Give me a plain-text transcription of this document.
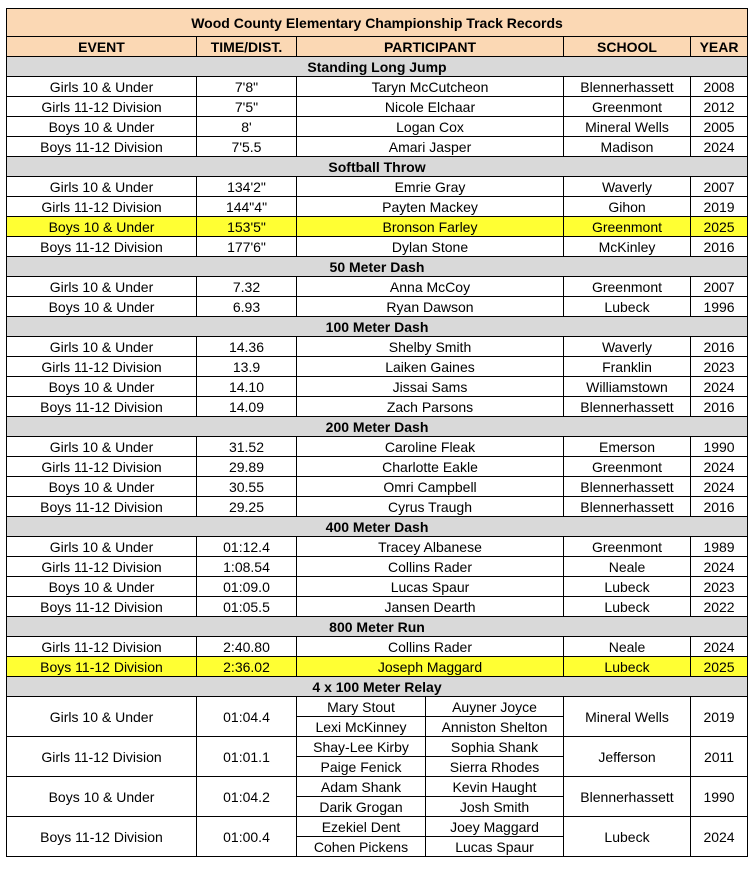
Wood County Elementary Championship Track Records					
EVENT	TIME/DIST.	PARTICIPANT		SCHOOL	YEAR
Standing Long Jump					
Girls 10 & Under	7'8"	Taryn McCutcheon		Blennerhassett	2008
Girls 11-12 Division	7'5"	Nicole Elchaar		Greenmont	2012
Boys 10 & Under	8'	Logan Cox		Mineral Wells	2005
Boys 11-12 Division	7'5.5	Amari Jasper		Madison	2024
Softball Throw					
Girls 10 & Under	134'2"	Emrie Gray		Waverly	2007
Girls 11-12 Division	144"4"	Payten Mackey		Gihon	2019
Boys 10 & Under	153'5"	Bronson Farley		Greenmont	2025
Boys 11-12 Division	177'6"	Dylan Stone		McKinley	2016
50 Meter Dash					
Girls 10 & Under	7.32	Anna McCoy		Greenmont	2007
Boys 10 & Under	6.93	Ryan Dawson		Lubeck	1996
100 Meter Dash					
Girls 10 & Under	14.36	Shelby Smith		Waverly	2016
Girls 11-12 Division	13.9	Laiken Gaines		Franklin	2023
Boys 10 & Under	14.10	Jissai Sams		Williamstown	2024
Boys 11-12 Division	14.09	Zach Parsons		Blennerhassett	2016
200 Meter Dash					
Girls 10 & Under	31.52	Caroline Fleak		Emerson	1990
Girls 11-12 Division	29.89	Charlotte Eakle		Greenmont	2024
Boys 10 & Under	30.55	Omri Campbell		Blennerhassett	2024
Boys 11-12 Division	29.25	Cyrus Traugh		Blennerhassett	2016
400 Meter Dash					
Girls 10 & Under	01:12.4	Tracey Albanese		Greenmont	1989
Girls 11-12 Division	1:08.54	Collins Rader		Neale	2024
Boys 10 & Under	01:09.0	Lucas Spaur		Lubeck	2023
Boys 11-12 Division	01:05.5	Jansen Dearth		Lubeck	2022
800 Meter Run					
Girls 11-12 Division	2:40.80	Collins Rader		Neale	2024
Boys 11-12 Division	2:36.02	Joseph Maggard		Lubeck	2025
4 x 100 Meter Relay					
Girls 10 & Under	01:04.4	Mary Stout	Auyner Joyce	Mineral Wells	2019
		Lexi McKinney	Anniston Shelton		
Girls 11-12 Division	01:01.1	Shay-Lee Kirby	Sophia Shank	Jefferson	2011
		Paige Fenick	Sierra Rhodes		
Boys 10 & Under	01:04.2	Adam Shank	Kevin Haught	Blennerhassett	1990
		Darik Grogan	Josh Smith		
Boys 11-12 Division	01:00.4	Ezekiel Dent	Joey Maggard	Lubeck	2024
		Cohen Pickens	Lucas Spaur		
